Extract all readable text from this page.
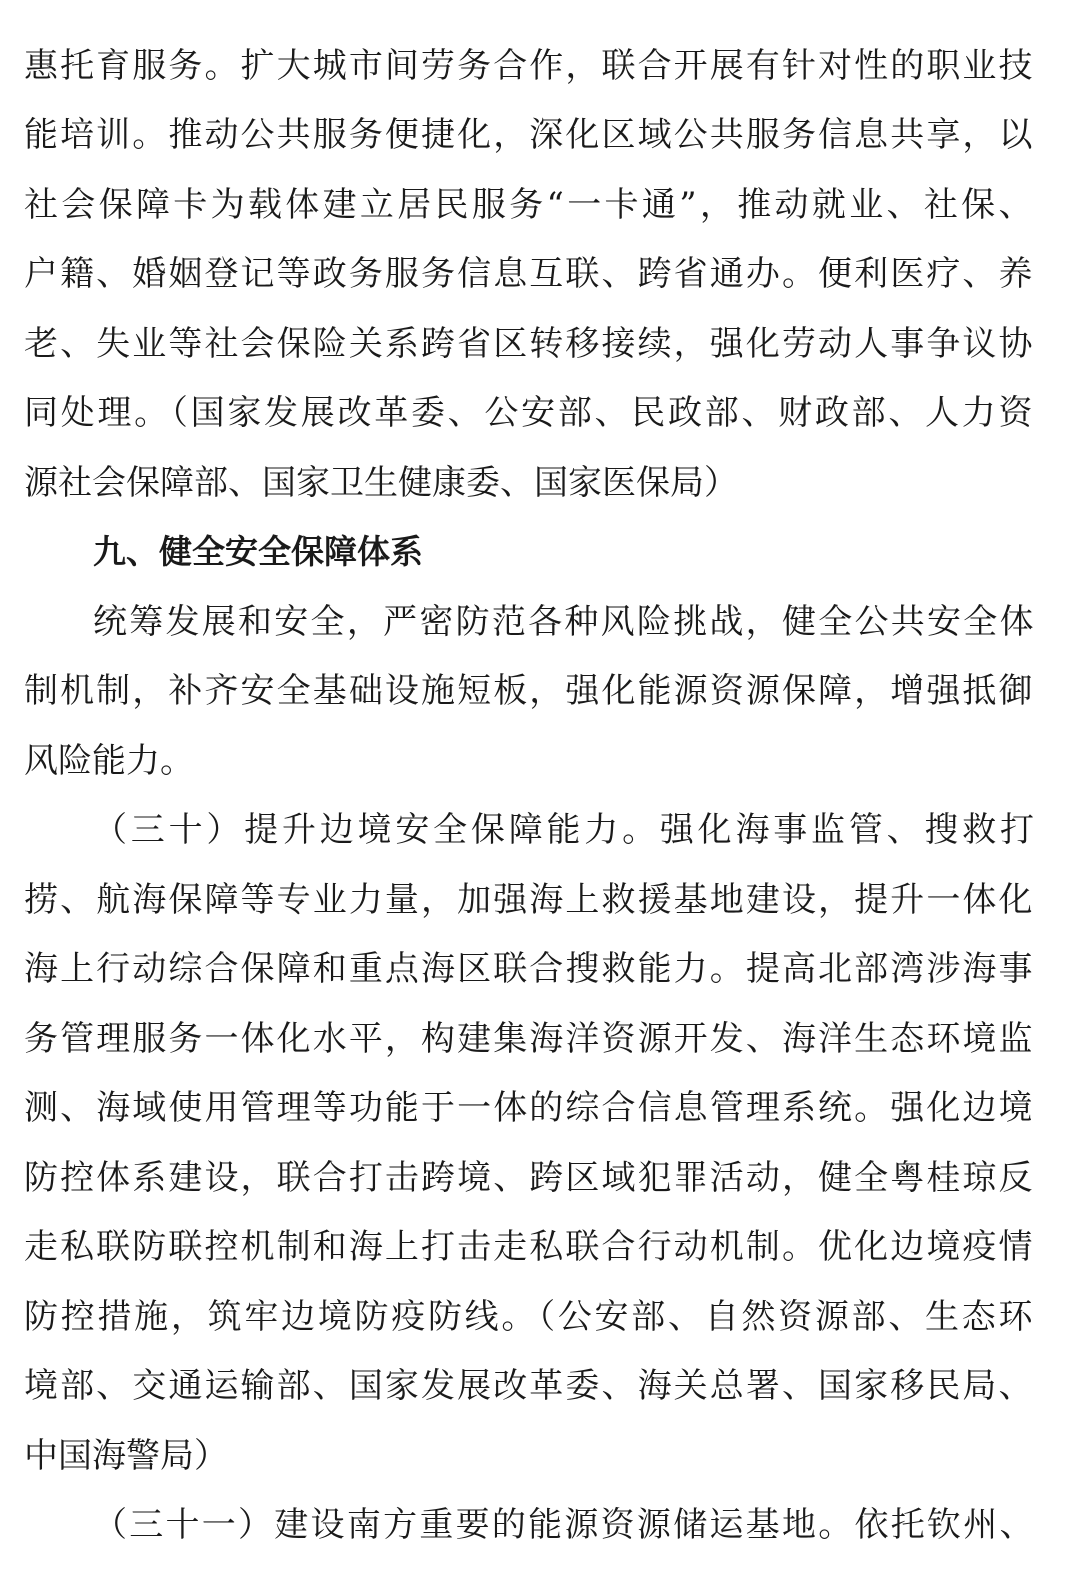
惠托育服务。扩大城市间劳务合作，联合开展有针对性的职业技
能培训。推动公共服务便捷化，深化区域公共服务信息共享，以
社会保障卡为载体建立居民服务“一卡通”，推动就业、社保、
户籍、婚姻登记等政务服务信息互联、跨省通办。便利医疗、养
老、失业等社会保险关系跨省区转移接续，强化劳动人事争议协
同处理。（国家发展改革委、公安部、民政部、财政部、人力资
源社会保障部、国家卫生健康委、国家医保局）
九、健全安全保障体系
统筹发展和安全，严密防范各种风险挑战，健全公共安全体
制机制，补齐安全基础设施短板，强化能源资源保障，增强抵御
风险能力。
（三十）提升边境安全保障能力。强化海事监管、搜救打
捞、航海保障等专业力量，加强海上救援基地建设，提升一体化
海上行动综合保障和重点海区联合搜救能力。提高北部湾涉海事
务管理服务一体化水平，构建集海洋资源开发、海洋生态环境监
测、海域使用管理等功能于一体的综合信息管理系统。强化边境
防控体系建设，联合打击跨境、跨区域犯罪活动，健全粤桂琼反
走私联防联控机制和海上打击走私联合行动机制。优化边境疫情
防控措施，筑牢边境防疫防线。（公安部、自然资源部、生态环
境部、交通运输部、国家发展改革委、海关总署、国家移民局、
中国海警局）
（三十一）建设南方重要的能源资源储运基地。依托钦州、
